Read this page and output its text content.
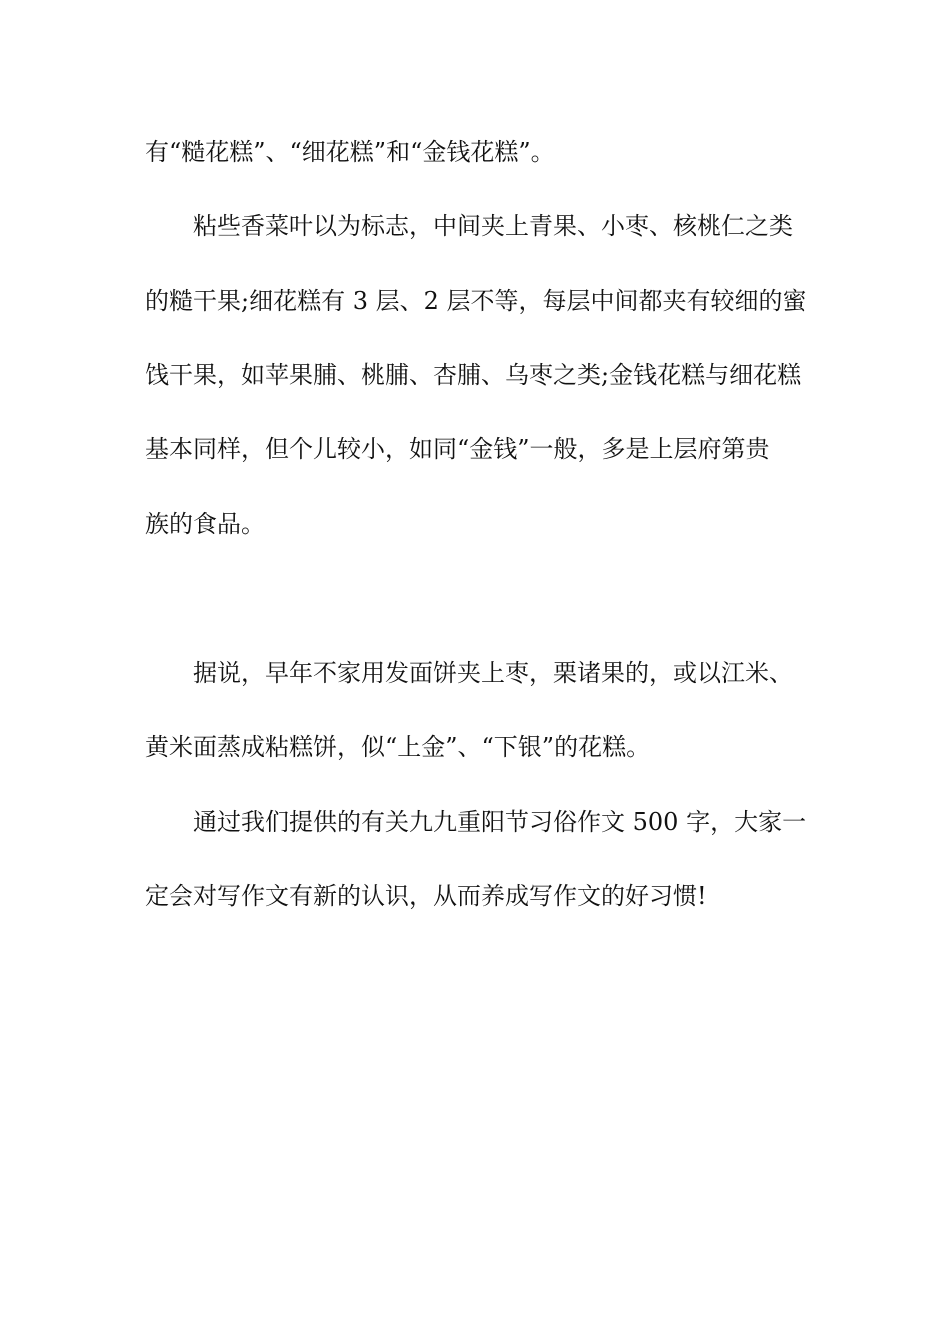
有“糙花糕”、“细花糕”和“金钱花糕”。

粘些香菜叶以为标志，中间夹上青果、小枣、核桃仁之类

的糙干果;细花糕有 3 层、2 层不等，每层中间都夹有较细的蜜

饯干果，如苹果脯、桃脯、杏脯、乌枣之类;金钱花糕与细花糕

基本同样，但个儿较小，如同“金钱”一般，多是上层府第贵

族的食品。

据说，早年不家用发面饼夹上枣，栗诸果的，或以江米、

黄米面蒸成粘糕饼，似“上金”、“下银”的花糕。

通过我们提供的有关九九重阳节习俗作文 500 字，大家一

定会对写作文有新的认识，从而养成写作文的好习惯!
